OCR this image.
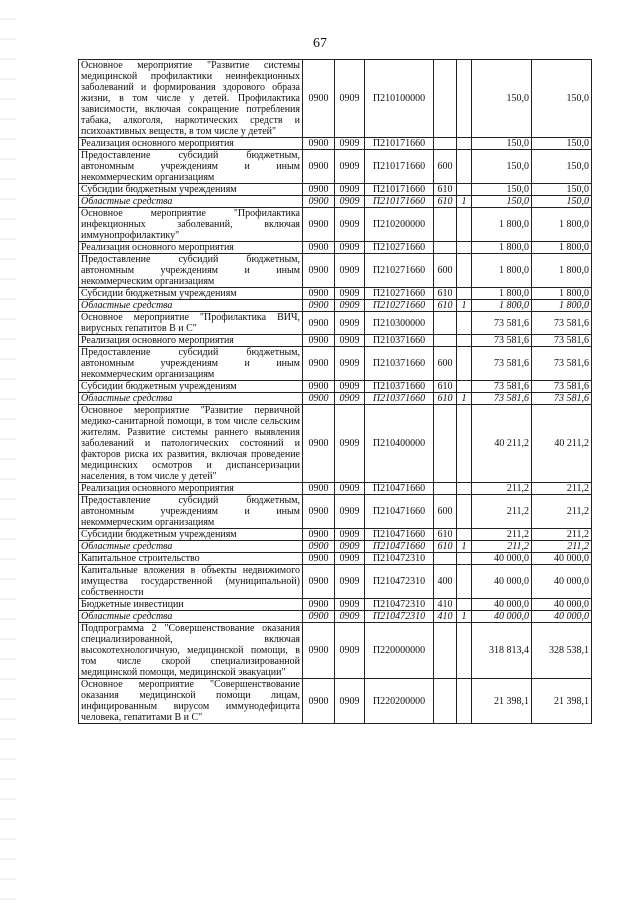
67
Основное мероприятие "Развитие системы медицинской профилактики неинфекционных заболеваний и формирования здорового образа жизни, в том числе у детей. Профилактика зависимости, включая сокращение потребления табака, алкоголя, наркотических средств и психоактивных веществ, в том числе у детей"	0900	0909	П210100000			150,0	150,0
Реализация основного мероприятия	0900	0909	П210171660			150,0	150,0
Предоставление субсидий бюджетным, автономным учреждениям и иным некоммерческим организациям	0900	0909	П210171660	600		150,0	150,0
Субсидии бюджетным учреждениям	0900	0909	П210171660	610		150,0	150,0
Областные средства	0900	0909	П210171660	610	1	150,0	150,0
Основное мероприятие "Профилактика инфекционных заболеваний, включая иммунопрофилактику"	0900	0909	П210200000			1 800,0	1 800,0
Реализация основного мероприятия	0900	0909	П210271660			1 800,0	1 800,0
Предоставление субсидий бюджетным, автономным учреждениям и иным некоммерческим организациям	0900	0909	П210271660	600		1 800,0	1 800,0
Субсидии бюджетным учреждениям	0900	0909	П210271660	610		1 800,0	1 800,0
Областные средства	0900	0909	П210271660	610	1	1 800,0	1 800,0
Основное мероприятие "Профилактика ВИЧ, вирусных гепатитов В и С"	0900	0909	П210300000			73 581,6	73 581,6
Реализация основного мероприятия	0900	0909	П210371660			73 581,6	73 581,6
Предоставление субсидий бюджетным, автономным учреждениям и иным некоммерческим организациям	0900	0909	П210371660	600		73 581,6	73 581,6
Субсидии бюджетным учреждениям	0900	0909	П210371660	610		73 581,6	73 581,6
Областные средства	0900	0909	П210371660	610	1	73 581,6	73 581,6
Основное мероприятие "Развитие первичной медико-санитарной помощи, в том числе сельским жителям. Развитие системы раннего выявления заболеваний и патологических состояний и факторов риска их развития, включая проведение медицинских осмотров и диспансеризации населения, в том числе у детей"	0900	0909	П210400000			40 211,2	40 211,2
Реализация основного мероприятия	0900	0909	П210471660			211,2	211,2
Предоставление субсидий бюджетным, автономным учреждениям и иным некоммерческим организациям	0900	0909	П210471660	600		211,2	211,2
Субсидии бюджетным учреждениям	0900	0909	П210471660	610		211,2	211,2
Областные средства	0900	0909	П210471660	610	1	211,2	211,2
Капитальное строительство	0900	0909	П210472310			40 000,0	40 000,0
Капитальные вложения в объекты недвижимого имущества государственной (муниципальной) собственности	0900	0909	П210472310	400		40 000,0	40 000,0
Бюджетные инвестиции	0900	0909	П210472310	410		40 000,0	40 000,0
Областные средства	0900	0909	П210472310	410	1	40 000,0	40 000,0
Подпрограмма 2 "Совершенствование оказания специализированной, включая высокотехнологичную, медицинской помощи, в том числе скорой специализированной медицинской помощи, медицинской эвакуации"	0900	0909	П220000000			318 813,4	328 538,1
Основное мероприятие "Совершенствование оказания медицинской помощи лицам, инфицированным вирусом иммунодефицита человека, гепатитами В и С"	0900	0909	П220200000			21 398,1	21 398,1
